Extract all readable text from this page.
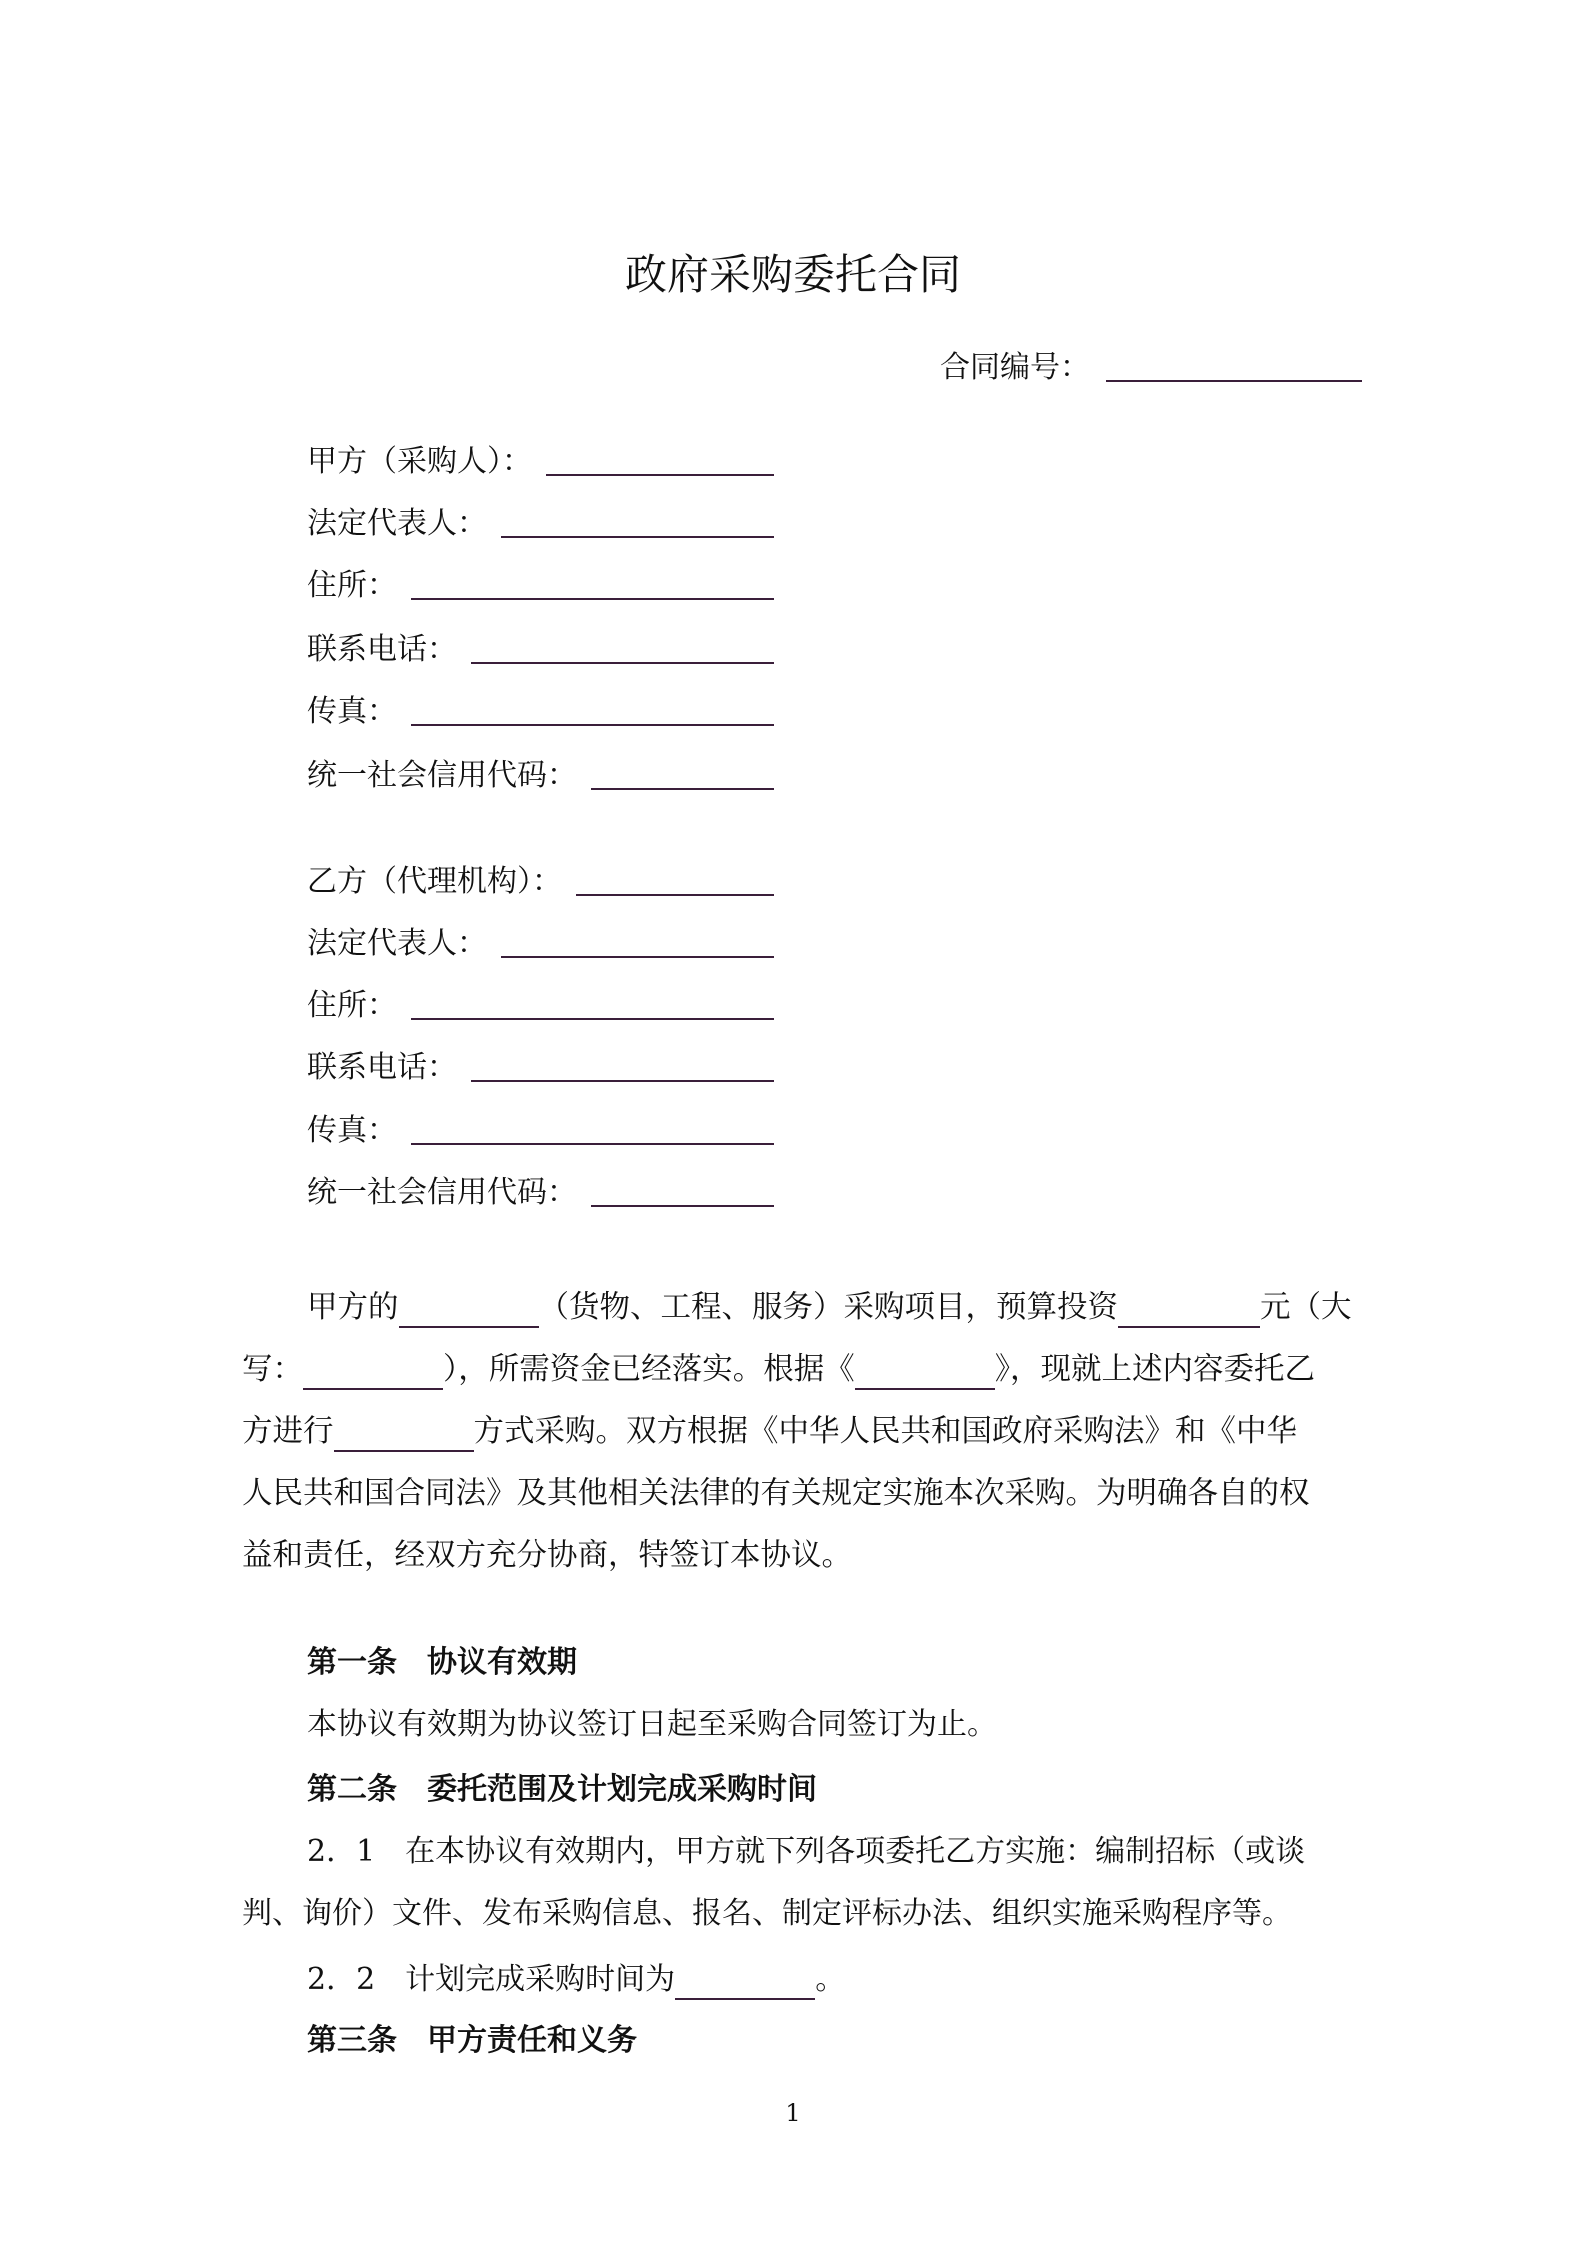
政府采购委托合同
合同编号：
甲方（采购人）：
法定代表人：
住所：
联系电话：
传真：
统一社会信用代码：
乙方（代理机构）：
法定代表人：
住所：
联系电话：
传真：
统一社会信用代码：
甲方的	（货物、工程、服务）采购项目，预算投资	元（大
写：	），所需资金已经落实。根据《	》，现就上述内容委托乙
方进行	方式采购。双方根据《中华人民共和国政府采购法》和《中华
人民共和国合同法》及其他相关法律的有关规定实施本次采购。为明确各自的权
益和责任，经双方充分协商，特签订本协议。
第一条　协议有效期
本协议有效期为协议签订日起至采购合同签订为止。
第二条　委托范围及计划完成采购时间
2．1　在本协议有效期内，甲方就下列各项委托乙方实施：编制招标（或谈
判、询价）文件、发布采购信息、报名、制定评标办法、组织实施采购程序等。
2．2　计划完成采购时间为	。
第三条　甲方责任和义务
1
